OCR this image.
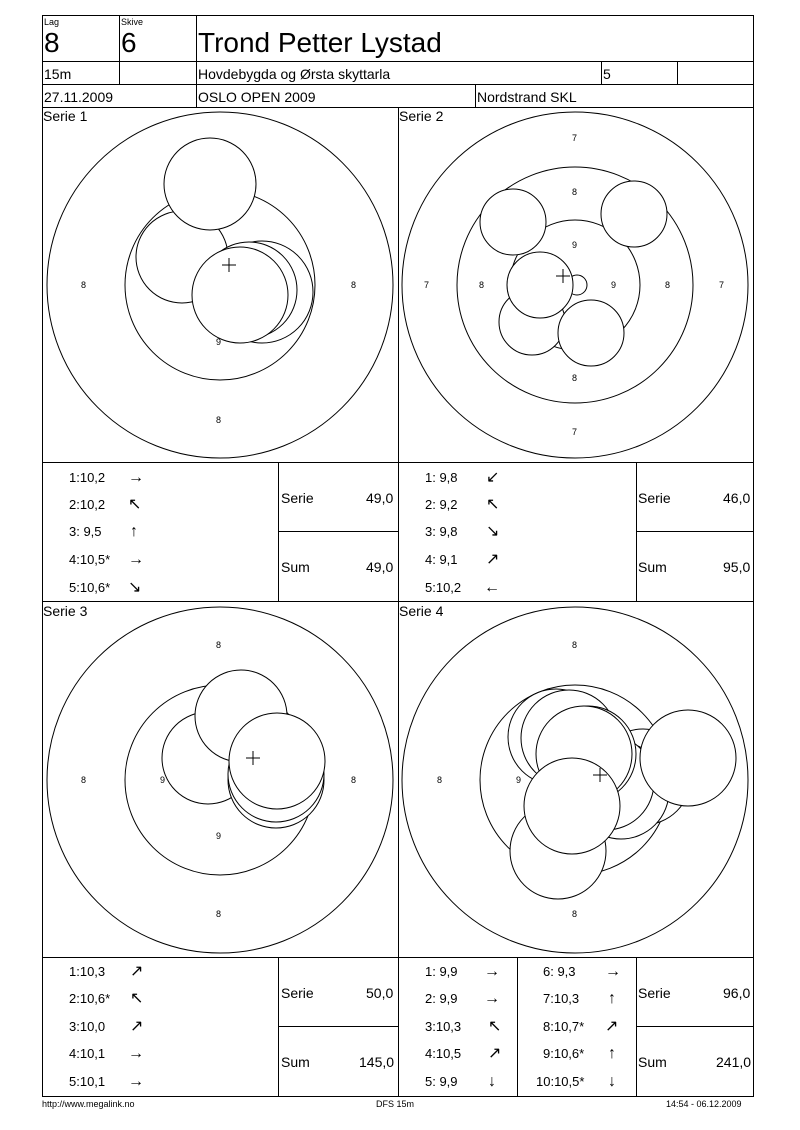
Lag
8
Skive
6 Trond Petter Lystad
15m	Hovdebygda og Ørsta skyttarla	5
27.11.2009	OSLO OPEN 2009	Nordstrand SKL
Serie 1	Serie 2
Serie 3	Serie 4
8	8
8
9
7
7
7	7
8
8
8	8
9
9
8
8	8
8
9
9
8
8
8
9
1:10,2 →
2:10,2 ↖
3: 9,5 ↑
4:10,5* →
5:10,6* ↘
Serie	49,0
Sum	49,0
1: 9,8 ↙
2: 9,2 ↖
3: 9,8 ↘
4: 9,1 ↗
5:10,2 ←
Serie	46,0
Sum	95,0
1:10,3 ↗
2:10,6* ↖
3:10,0 ↗
4:10,1 →
5:10,1 →
Serie	50,0
Sum	145,0
1: 9,9 →
2: 9,9 →
3:10,3 ↖
4:10,5 ↗
5: 9,9 ↓
6: 9,3 →
7:10,3 ↑
8:10,7* ↗
9:10,6* ↑
10:10,5* ↓
Serie	96,0
Sum	241,0
http://www.megalink.no	DFS 15m	14:54 - 06.12.2009
